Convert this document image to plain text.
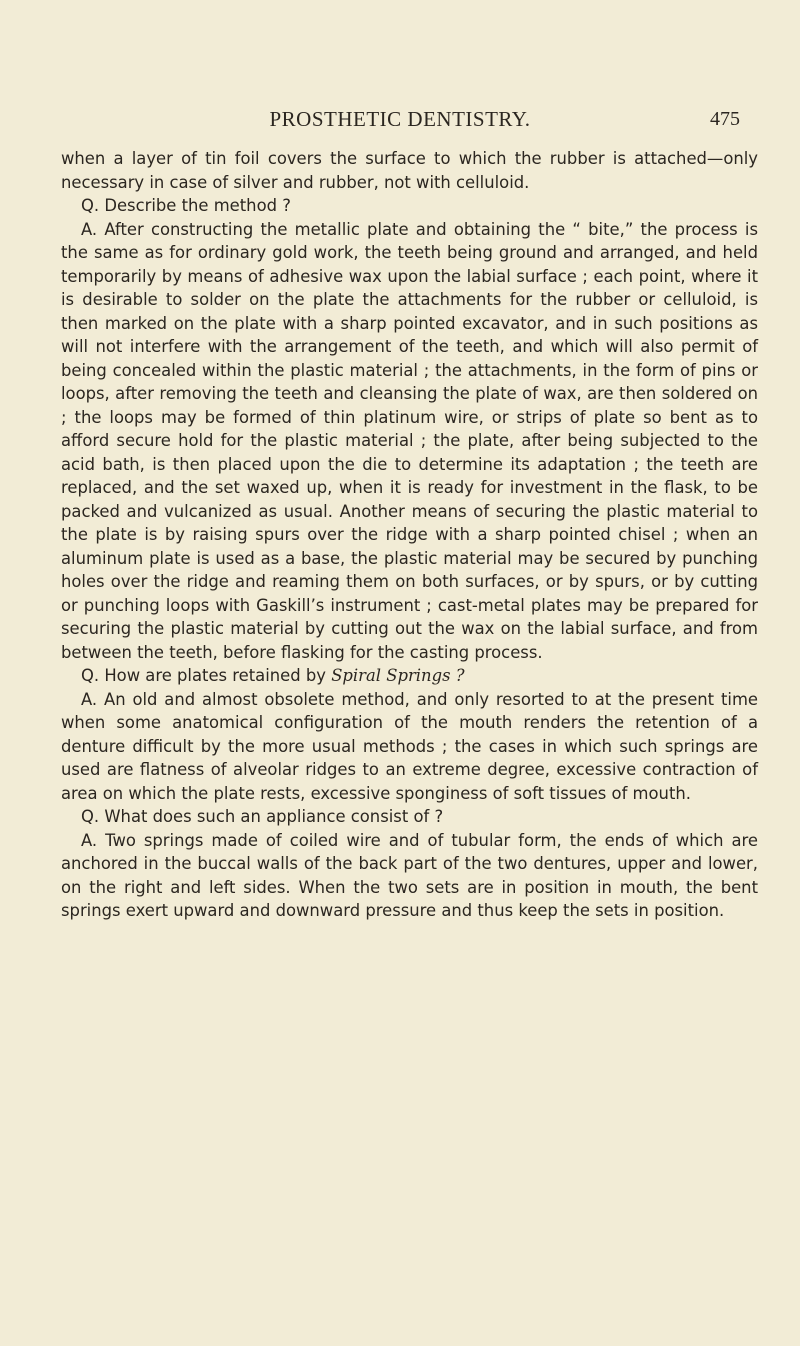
PROSTHETIC DENTISTRY.	475

when a layer of tin foil covers the surface to which the rubber is attached—only necessary in case of silver and rubber, not with celluloid.

Q. Describe the method ?

A. After constructing the metallic plate and obtaining the “ bite,” the process is the same as for ordinary gold work, the teeth being ground and arranged, and held temporarily by means of adhesive wax upon the labial surface ; each point, where it is desirable to solder on the plate the attachments for the rubber or celluloid, is then marked on the plate with a sharp pointed excavator, and in such positions as will not interfere with the arrangement of the teeth, and which will also permit of being concealed within the plastic material ; the attachments, in the form of pins or loops, after removing the teeth and cleansing the plate of wax, are then soldered on ; the loops may be formed of thin platinum wire, or strips of plate so bent as to afford secure hold for the plastic material ; the plate, after being subjected to the acid bath, is then placed upon the die to determine its adaptation ; the teeth are replaced, and the set waxed up, when it is ready for investment in the flask, to be packed and vulcanized as usual. Another means of securing the plastic material to the plate is by raising spurs over the ridge with a sharp pointed chisel ; when an aluminum plate is used as a base, the plastic material may be secured by punching holes over the ridge and reaming them on both surfaces, or by spurs, or by cutting or punching loops with Gaskill’s instrument ; cast-metal plates may be prepared for securing the plastic material by cutting out the wax on the labial surface, and from between the teeth, before flasking for the casting process.

Q. How are plates retained by Spiral Springs ?

A. An old and almost obsolete method, and only resorted to at the present time when some anatomical configuration of the mouth renders the retention of a denture difficult by the more usual methods ; the cases in which such springs are used are flatness of alveolar ridges to an extreme degree, excessive contraction of area on which the plate rests, excessive sponginess of soft tissues of mouth.

Q. What does such an appliance consist of ?

A. Two springs made of coiled wire and of tubular form, the ends of which are anchored in the buccal walls of the back part of the two dentures, upper and lower, on the right and left sides. When the two sets are in position in mouth, the bent springs exert upward and downward pressure and thus keep the sets in position.
